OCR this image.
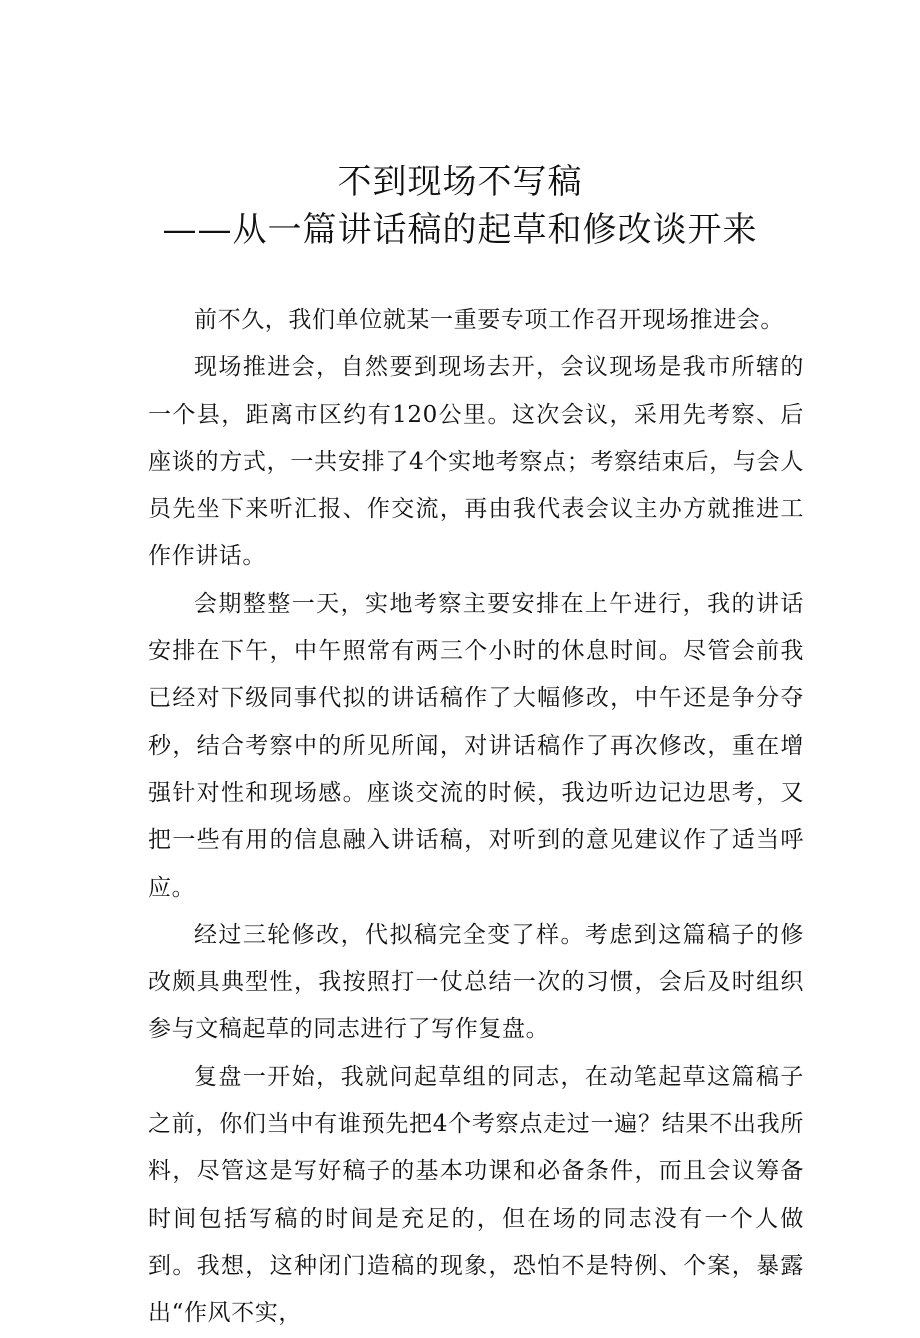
不到现场不写稿
——从一篇讲话稿的起草和修改谈开来

前不久，我们单位就某一重要专项工作召开现场推进会。

现场推进会，自然要到现场去开，会议现场是我市所辖的一个县，距离市区约有120公里。这次会议，采用先考察、后座谈的方式，一共安排了4个实地考察点；考察结束后，与会人员先坐下来听汇报、作交流，再由我代表会议主办方就推进工作作讲话。

会期整整一天，实地考察主要安排在上午进行，我的讲话安排在下午，中午照常有两三个小时的休息时间。尽管会前我已经对下级同事代拟的讲话稿作了大幅修改，中午还是争分夺秒，结合考察中的所见所闻，对讲话稿作了再次修改，重在增强针对性和现场感。座谈交流的时候，我边听边记边思考，又把一些有用的信息融入讲话稿，对听到的意见建议作了适当呼应。

经过三轮修改，代拟稿完全变了样。考虑到这篇稿子的修改颇具典型性，我按照打一仗总结一次的习惯，会后及时组织参与文稿起草的同志进行了写作复盘。

复盘一开始，我就问起草组的同志，在动笔起草这篇稿子之前，你们当中有谁预先把4个考察点走过一遍？结果不出我所料，尽管这是写好稿子的基本功课和必备条件，而且会议筹备时间包括写稿的时间是充足的，但在场的同志没有一个人做到。我想，这种闭门造稿的现象，恐怕不是特例、个案，暴露出“作风不实，
